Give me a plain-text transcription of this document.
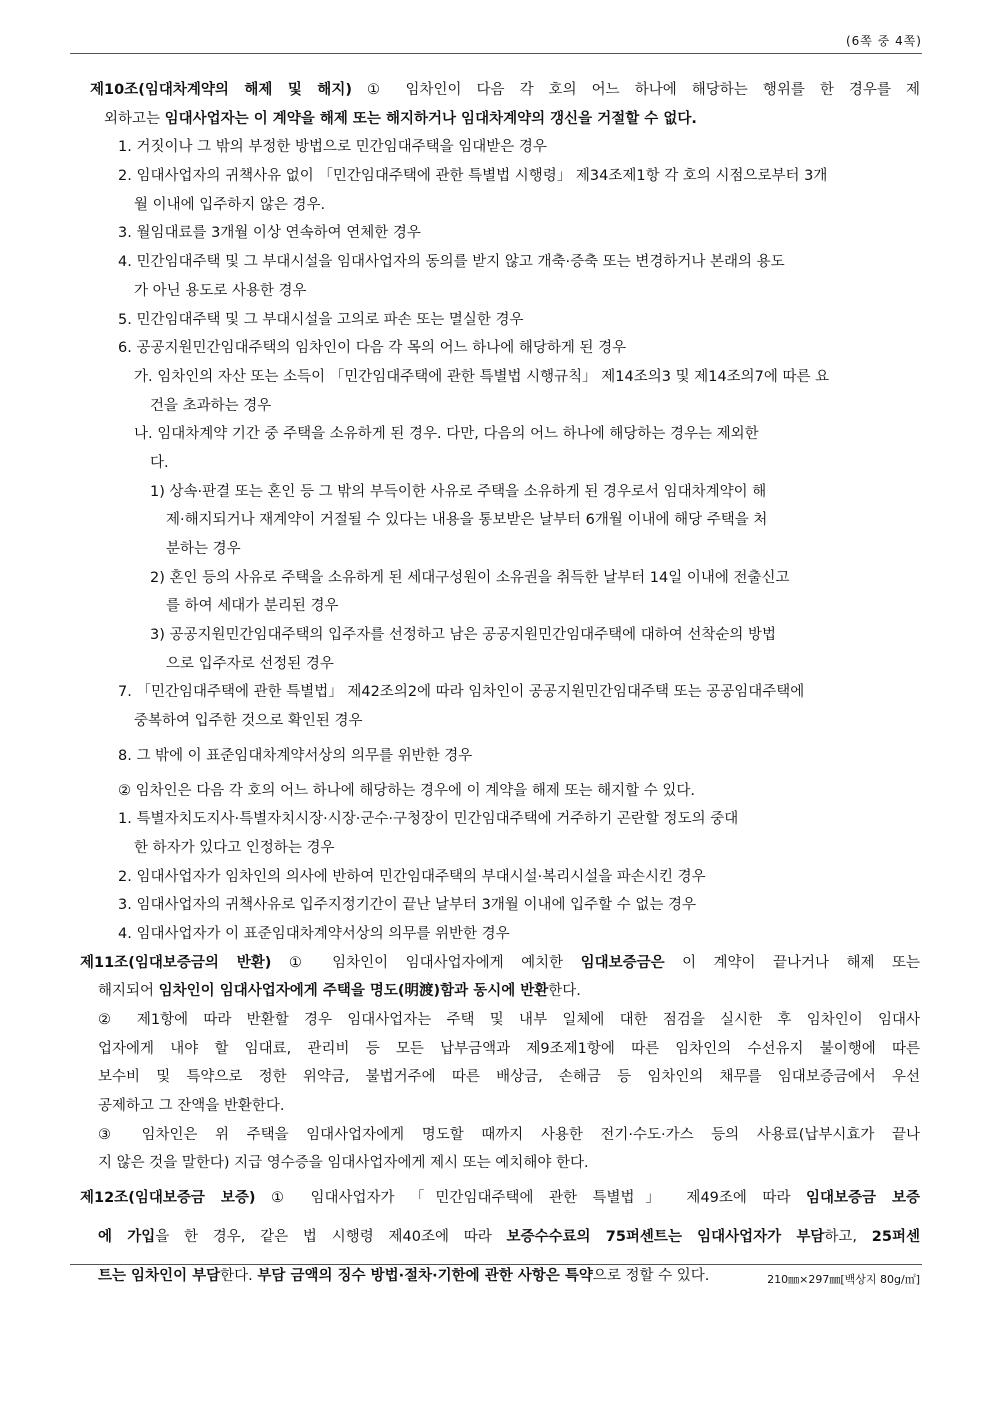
(6쪽 중 4쪽)
제10조(임대차계약의 해제 및 해지) ① 임차인이 다음 각 호의 어느 하나에 해당하는 행위를 한 경우를 제
외하고는 임대사업자는 이 계약을 해제 또는 해지하거나 임대차계약의 갱신을 거절할 수 없다.
1. 거짓이나 그 밖의 부정한 방법으로 민간임대주택을 임대받은 경우
2. 임대사업자의 귀책사유 없이 「민간임대주택에 관한 특별법 시행령」 제34조제1항 각 호의 시점으로부터 3개
월 이내에 입주하지 않은 경우.
3. 월임대료를 3개월 이상 연속하여 연체한 경우
4. 민간임대주택 및 그 부대시설을 임대사업자의 동의를 받지 않고 개축·증축 또는 변경하거나 본래의 용도
가 아닌 용도로 사용한 경우
5. 민간임대주택 및 그 부대시설을 고의로 파손 또는 멸실한 경우
6. 공공지원민간임대주택의 임차인이 다음 각 목의 어느 하나에 해당하게 된 경우
가. 임차인의 자산 또는 소득이 「민간임대주택에 관한 특별법 시행규칙」 제14조의3 및 제14조의7에 따른 요
건을 초과하는 경우
나. 임대차계약 기간 중 주택을 소유하게 된 경우. 다만, 다음의 어느 하나에 해당하는 경우는 제외한
다.
1) 상속·판결 또는 혼인 등 그 밖의 부득이한 사유로 주택을 소유하게 된 경우로서 임대차계약이 해
제·해지되거나 재계약이 거절될 수 있다는 내용을 통보받은 날부터 6개월 이내에 해당 주택을 처
분하는 경우
2) 혼인 등의 사유로 주택을 소유하게 된 세대구성원이 소유권을 취득한 날부터 14일 이내에 전출신고
를 하여 세대가 분리된 경우
3) 공공지원민간임대주택의 입주자를 선정하고 남은 공공지원민간임대주택에 대하여 선착순의 방법
으로 입주자로 선정된 경우
7. 「민간임대주택에 관한 특별법」 제42조의2에 따라 임차인이 공공지원민간임대주택 또는 공공임대주택에
중복하여 입주한 것으로 확인된 경우
8. 그 밖에 이 표준임대차계약서상의 의무를 위반한 경우
② 임차인은 다음 각 호의 어느 하나에 해당하는 경우에 이 계약을 해제 또는 해지할 수 있다.
1. 특별자치도지사·특별자치시장·시장·군수·구청장이 민간임대주택에 거주하기 곤란할 정도의 중대
한 하자가 있다고 인정하는 경우
2. 임대사업자가 임차인의 의사에 반하여 민간임대주택의 부대시설·복리시설을 파손시킨 경우
3. 임대사업자의 귀책사유로 입주지정기간이 끝난 날부터 3개월 이내에 입주할 수 없는 경우
4. 임대사업자가 이 표준임대차계약서상의 의무를 위반한 경우
제11조(임대보증금의 반환) ① 임차인이 임대사업자에게 예치한 임대보증금은 이 계약이 끝나거나 해제 또는
해지되어 임차인이 임대사업자에게 주택을 명도(明渡)함과 동시에 반환한다.
② 제1항에 따라 반환할 경우 임대사업자는 주택 및 내부 일체에 대한 점검을 실시한 후 임차인이 임대사
업자에게 내야 할 임대료, 관리비 등 모든 납부금액과 제9조제1항에 따른 임차인의 수선유지 불이행에 따른
보수비 및 특약으로 정한 위약금, 불법거주에 따른 배상금, 손해금 등 임차인의 채무를 임대보증금에서 우선
공제하고 그 잔액을 반환한다.
③ 임차인은 위 주택을 임대사업자에게 명도할 때까지 사용한 전기·수도·가스 등의 사용료(납부시효가 끝나
지 않은 것을 말한다) 지급 영수증을 임대사업자에게 제시 또는 예치해야 한다.
제12조(임대보증금 보증) ① 임대사업자가 「민간임대주택에 관한 특별법」 제49조에 따라 임대보증금 보증
에 가입을 한 경우, 같은 법 시행령 제40조에 따라 보증수수료의 75퍼센트는 임대사업자가 부담하고, 25퍼센
트는 임차인이 부담한다. 부담 금액의 징수 방법·절차·기한에 관한 사항은 특약으로 정할 수 있다.	210㎜×297㎜[백상지 80g/㎡]
